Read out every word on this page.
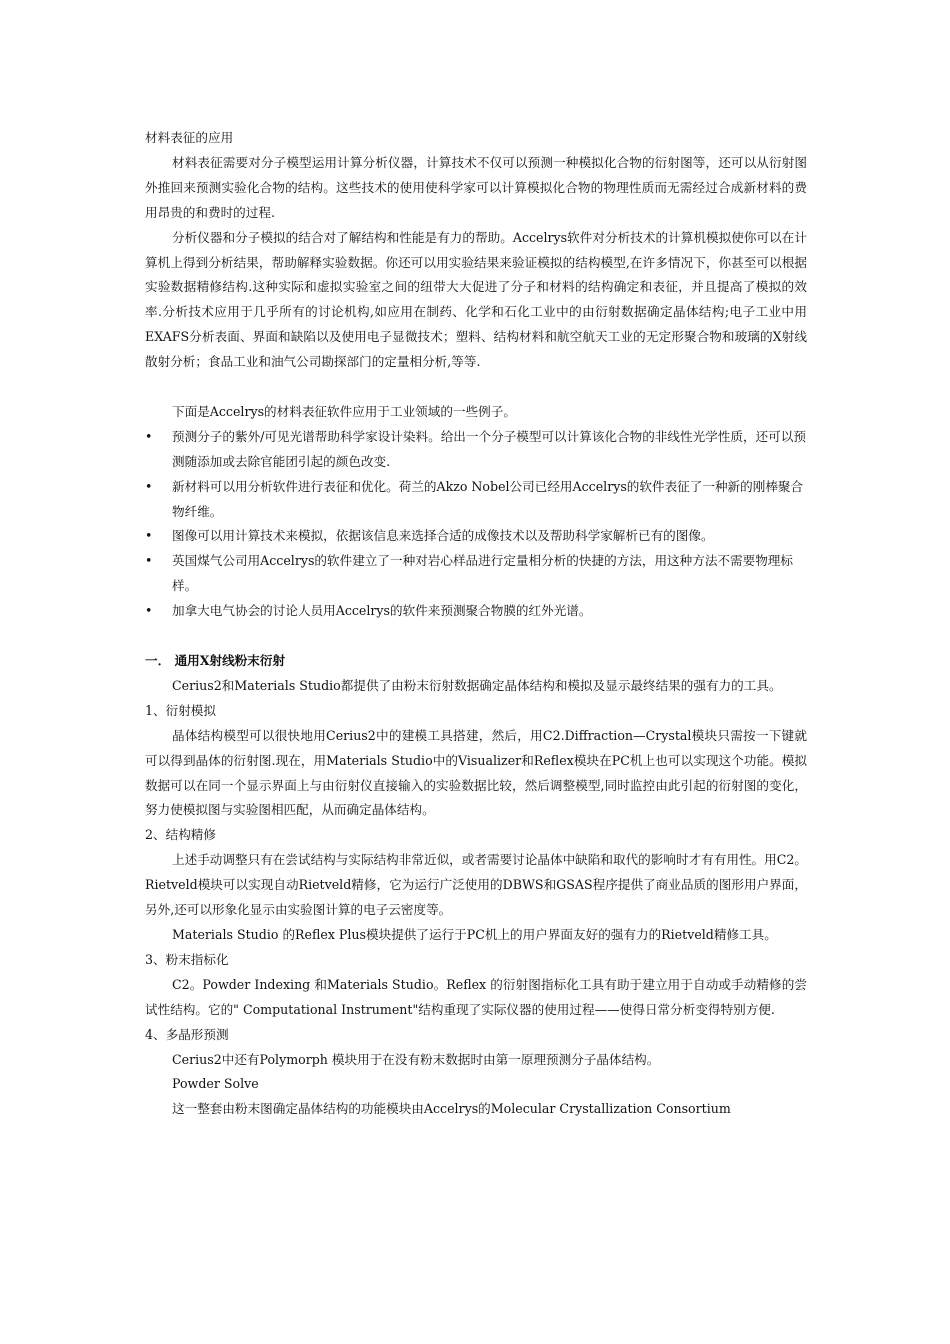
材料表征的应用

材料表征需要对分子模型运用计算分析仪器，计算技术不仅可以预测一种模拟化合物的衍射图等，还可以从衍射图外推回来预测实验化合物的结构。这些技术的使用使科学家可以计算模拟化合物的物理性质而无需经过合成新材料的费用昂贵的和费时的过程.

分析仪器和分子模拟的结合对了解结构和性能是有力的帮助。Accelrys软件对分析技术的计算机模拟使你可以在计算机上得到分析结果，帮助解释实验数据。你还可以用实验结果来验证模拟的结构模型,在许多情况下，你甚至可以根据实验数据精修结构.这种实际和虚拟实验室之间的纽带大大促进了分子和材料的结构确定和表征，并且提高了模拟的效率.分析技术应用于几乎所有的讨论机构,如应用在制药、化学和石化工业中的由衍射数据确定晶体结构;电子工业中用EXAFS分析表面、界面和缺陷以及使用电子显微技术；塑料、结构材料和航空航天工业的无定形聚合物和玻璃的X射线散射分析；食品工业和油气公司勘探部门的定量相分析,等等.

下面是Accelrys的材料表征软件应用于工业领域的一些例子。

•	预测分子的紫外/可见光谱帮助科学家设计染料。给出一个分子模型可以计算该化合物的非线性光学性质，还可以预测随添加或去除官能团引起的颜色改变.
•	新材料可以用分析软件进行表征和优化。荷兰的Akzo Nobel公司已经用Accelrys的软件表征了一种新的刚棒聚合物纤维。
•	图像可以用计算技术来模拟，依据该信息来选择合适的成像技术以及帮助科学家解析已有的图像。
•	英国煤气公司用Accelrys的软件建立了一种对岩心样品进行定量相分析的快捷的方法，用这种方法不需要物理标样。
•	加拿大电气协会的讨论人员用Accelrys的软件来预测聚合物膜的红外光谱。

一． 通用X射线粉末衍射

Cerius2和Materials Studio都提供了由粉末衍射数据确定晶体结构和模拟及显示最终结果的强有力的工具。

1、衍射模拟

晶体结构模型可以很快地用Cerius2中的建模工具搭建，然后，用C2.Diffraction—Crystal模块只需按一下键就可以得到晶体的衍射图.现在，用Materials Studio中的Visualizer和Reflex模块在PC机上也可以实现这个功能。模拟数据可以在同一个显示界面上与由衍射仪直接输入的实验数据比较，然后调整模型,同时监控由此引起的衍射图的变化，努力使模拟图与实验图相匹配，从而确定晶体结构。

2、结构精修

上述手动调整只有在尝试结构与实际结构非常近似，或者需要讨论晶体中缺陷和取代的影响时才有有用性。用C2。Rietveld模块可以实现自动Rietveld精修，它为运行广泛使用的DBWS和GSAS程序提供了商业品质的图形用户界面，另外,还可以形象化显示由实验图计算的电子云密度等。

Materials Studio 的Reflex Plus模块提供了运行于PC机上的用户界面友好的强有力的Rietveld精修工具。

3、粉末指标化

C2。Powder Indexing 和Materials Studio。Reflex 的衍射图指标化工具有助于建立用于自动或手动精修的尝试性结构。它的" Computational Instrument"结构重现了实际仪器的使用过程——使得日常分析变得特别方便.

4、多晶形预测

Cerius2中还有Polymorph 模块用于在没有粉末数据时由第一原理预测分子晶体结构。

Powder Solve

这一整套由粉末图确定晶体结构的功能模块由Accelrys的Molecular Crystallization Consortium
